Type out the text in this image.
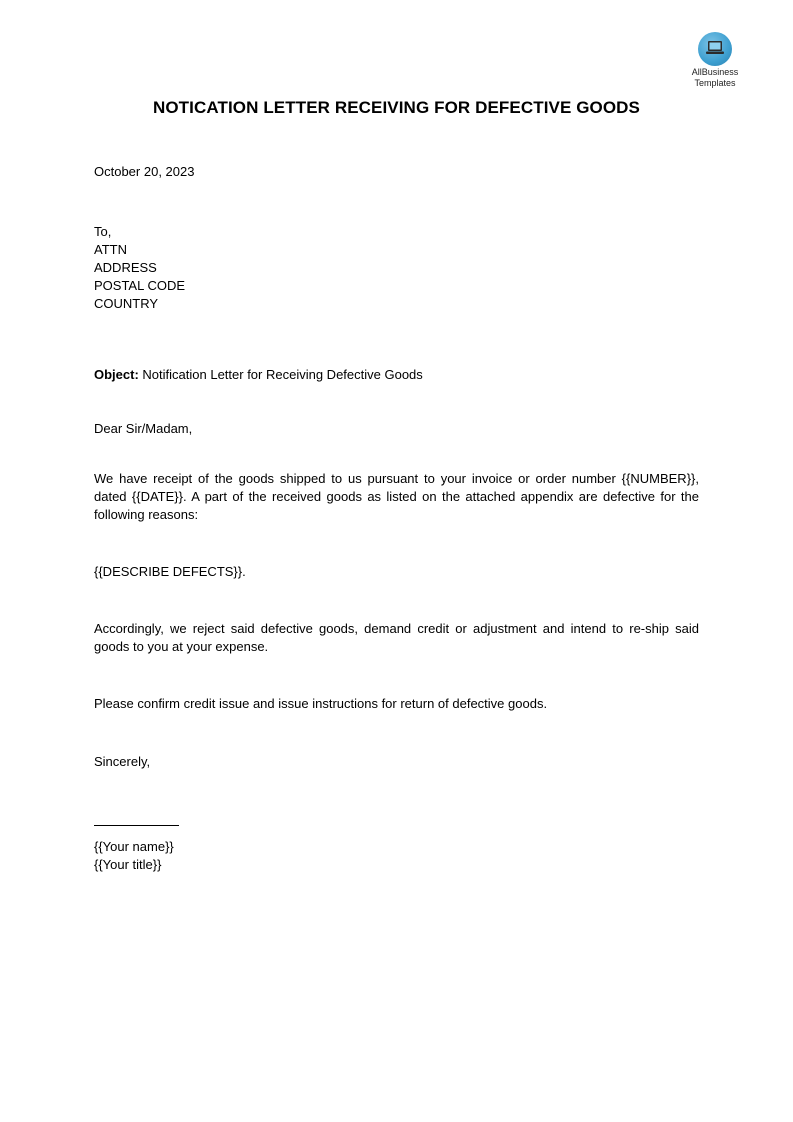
AllBusiness
Templates
NOTICATION LETTER RECEIVING FOR DEFECTIVE GOODS
October 20, 2023
To,
ATTN
ADDRESS
POSTAL CODE
COUNTRY
Object: Notification Letter for Receiving Defective Goods
Dear Sir/Madam,
We have receipt of the goods shipped to us pursuant to your invoice or order number {{NUMBER}}, dated {{DATE}}. A part of the received goods as listed on the attached appendix are defective for the following reasons:
{{DESCRIBE DEFECTS}}.
Accordingly, we reject said defective goods, demand credit or adjustment and intend to re-ship said goods to you at your expense.
Please confirm credit issue and issue instructions for return of defective goods.
Sincerely,
{{Your name}}
{{Your title}}
